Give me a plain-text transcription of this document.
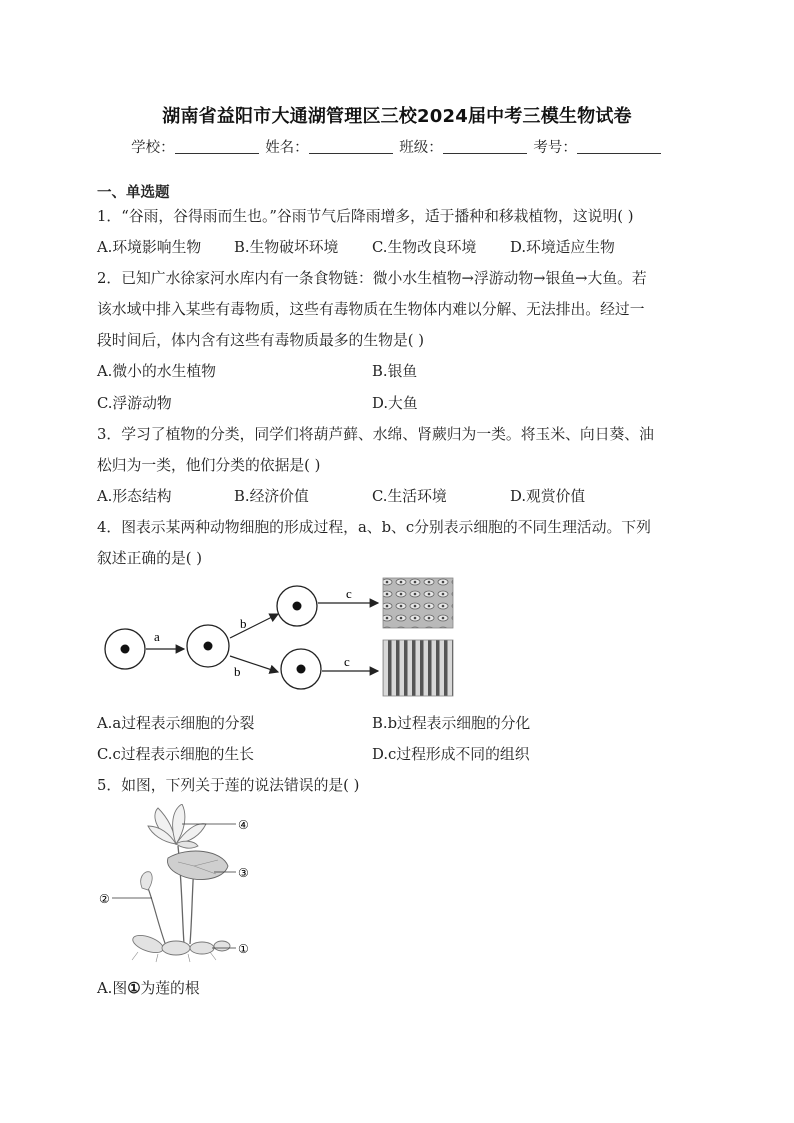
湖南省益阳市大通湖管理区三校2024届中考三模生物试卷
学校：	姓名：	班级：	考号：
一、单选题
1．“谷雨，谷得雨而生也。”谷雨节气后降雨增多，适于播种和移栽植物，这说明( )
A.环境影响生物 B.生物破坏环境 C.生物改良环境 D.环境适应生物
2．已知广水徐家河水库内有一条食物链：微小水生植物→浮游动物→银鱼→大鱼。若
该水域中排入某些有毒物质，这些有毒物质在生物体内难以分解、无法排出。经过一
段时间后，体内含有这些有毒物质最多的生物是( )
A.微小的水生植物	B.银鱼
C.浮游动物	D.大鱼
3．学习了植物的分类，同学们将葫芦藓、水绵、肾蕨归为一类。将玉米、向日葵、油
松归为一类，他们分类的依据是( )
A.形态结构	B.经济价值	C.生活环境	D.观赏价值
4．图表示某两种动物细胞的形成过程，a、b、c分别表示细胞的不同生理活动。下列
叙述正确的是( )
a
b
b
c
c
A.a过程表示细胞的分裂	B.b过程表示细胞的分化
C.c过程表示细胞的生长	D.c过程形成不同的组织
5．如图，下列关于莲的说法错误的是( )
④
③
②
①
A.图①为莲的根
